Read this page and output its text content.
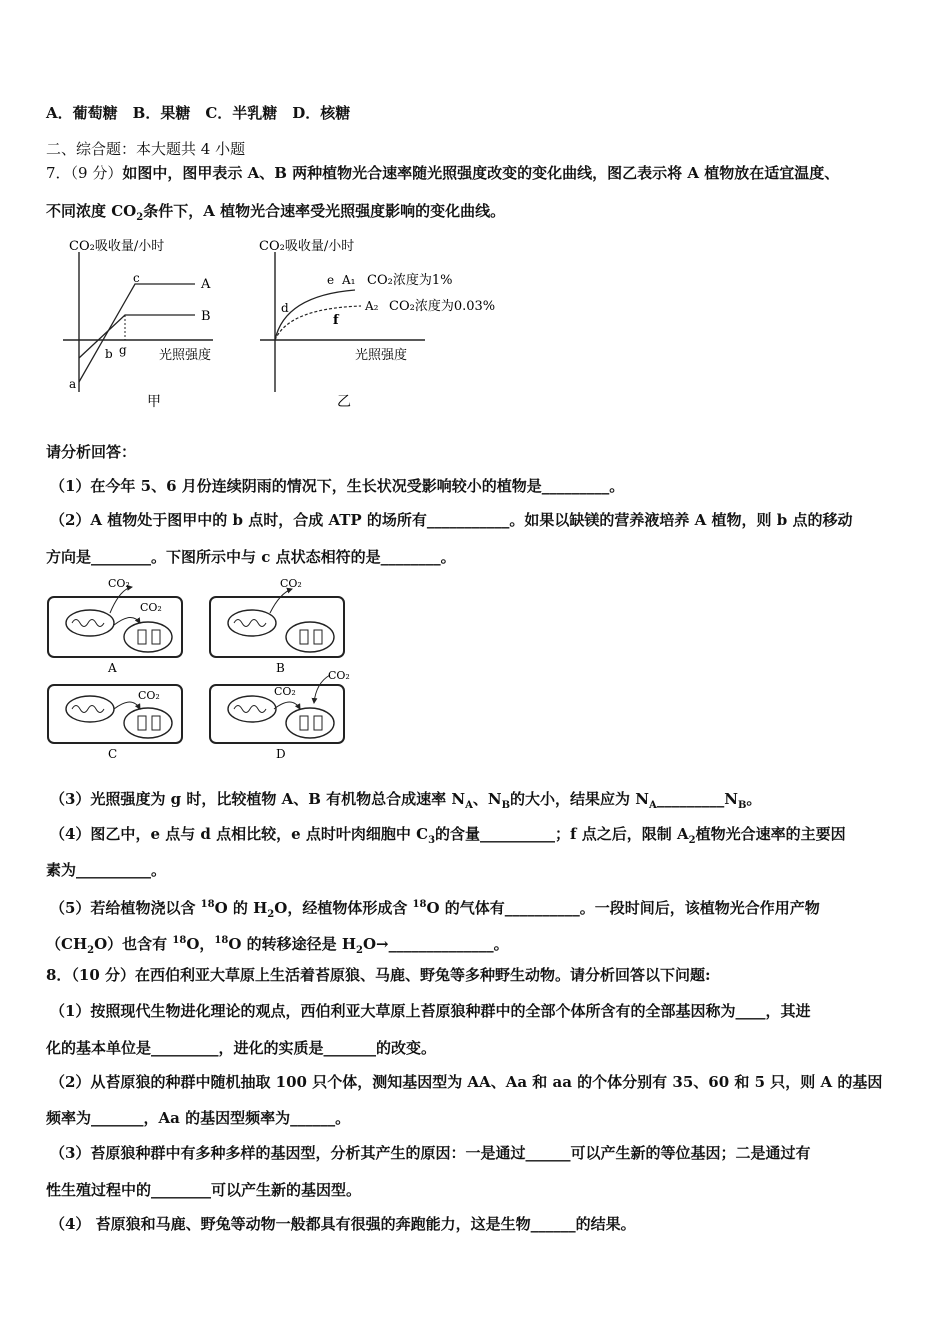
A．葡萄糖　B．果糖　C．半乳糖　D．核糖
二、综合题：本大题共 4 小题
7．（9 分）如图中，图甲表示 A、B 两种植物光合速率随光照强度改变的变化曲线，图乙表示将 A 植物放在适宜温度、
不同浓度 $CO_2$条件下，A 植物光合速率受光照强度影响的变化曲线。
CO₂吸收量/小时
光照强度
A
B
c
g
b
a
甲
CO₂吸收量/小时
光照强度
e A₁ CO₂浓度为1%
d	A₂ CO₂浓度为0.03%
f
乙
请分析回答：
（1）在今年 5、6 月份连续阴雨的情况下，生长状况受影响较小的植物是_________。
（2）A 植物处于图甲中的 b 点时，合成 ATP 的场所有___________。如果以缺镁的营养液培养 A 植物，则 b 点的移动
方向是________。下图所示中与 c 点状态相符的是________。
CO₂
CO₂
A
CO₂
B
CO₂
C
CO₂
CO₂
D
（3）光照强度为 g 时，比较植物 A、B 有机物总合成速率 $N_A$、$N_B$的大小，结果应为 $N_A\_\_\_\_\_\_\_\_\_N_B$。
（4）图乙中，e 点与 d 点相比较，e 点时叶肉细胞中 $C_3$的含量__________；f 点之后，限制 $A_2$植物光合速率的主要因
素为__________。
（5）若给植物浇以含 $^{18}$O 的 $H_2O$，经植物体形成含 $^{18}$O 的气体有__________。一段时间后，该植物光合作用产物
$(CH_2O)$也含有 $^{18}$O，$^{18}$O 的转移途径是 $H_2O\to\_\_\_\_\_\_\_\_\_\_\_\_\_\_$。
8．（10 分）在西伯利亚大草原上生活着苔原狼、马鹿、野兔等多种野生动物。请分析回答以下问题:
（1）按照现代生物进化理论的观点，西伯利亚大草原上苔原狼种群中的全部个体所含有的全部基因称为____，其进
化的基本单位是_________，进化的实质是_______的改变。
（2）从苔原狼的种群中随机抽取 100 只个体，测知基因型为 AA、Aa 和 aa 的个体分别有 35、60 和 5 只，则 A 的基因
频率为_______，Aa 的基因型频率为______。
（3）苔原狼种群中有多种多样的基因型，分析其产生的原因：一是通过______可以产生新的等位基因；二是通过有
性生殖过程中的________可以产生新的基因型。
（4） 苔原狼和马鹿、野兔等动物一般都具有很强的奔跑能力，这是生物______的结果。
